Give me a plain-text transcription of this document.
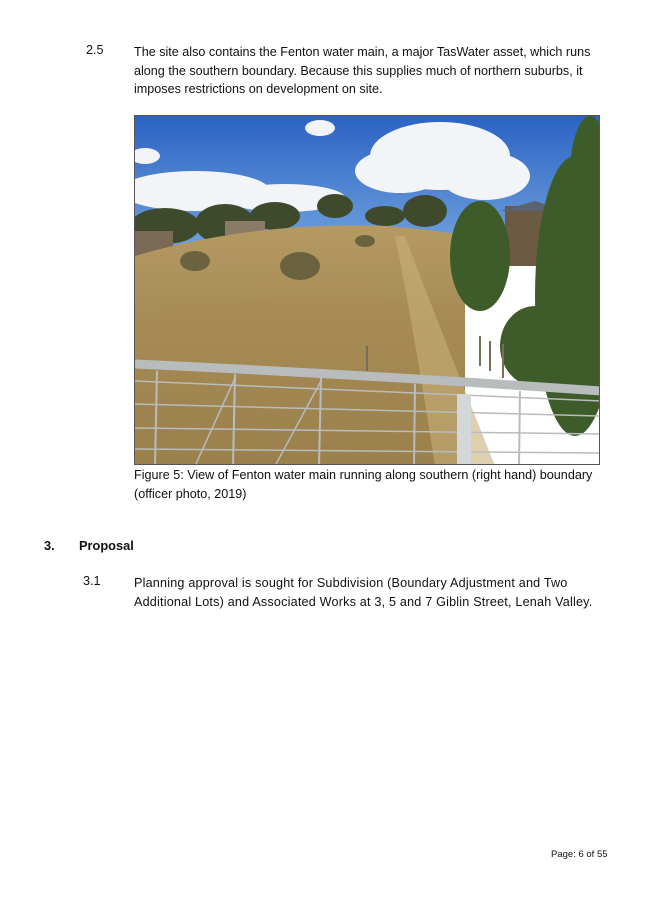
2.5 The site also contains the Fenton water main, a major TasWater asset, which runs along the southern boundary. Because this supplies much of northern suburbs, it imposes restrictions on development on site.
Figure 5: View of Fenton water main running along southern (right hand) boundary (officer photo, 2019)
3. Proposal
3.1	Planning approval is sought for Subdivision (Boundary Adjustment and Two Additional Lots) and Associated Works at 3, 5 and 7 Giblin Street, Lenah Valley.
Page: 6 of 55
